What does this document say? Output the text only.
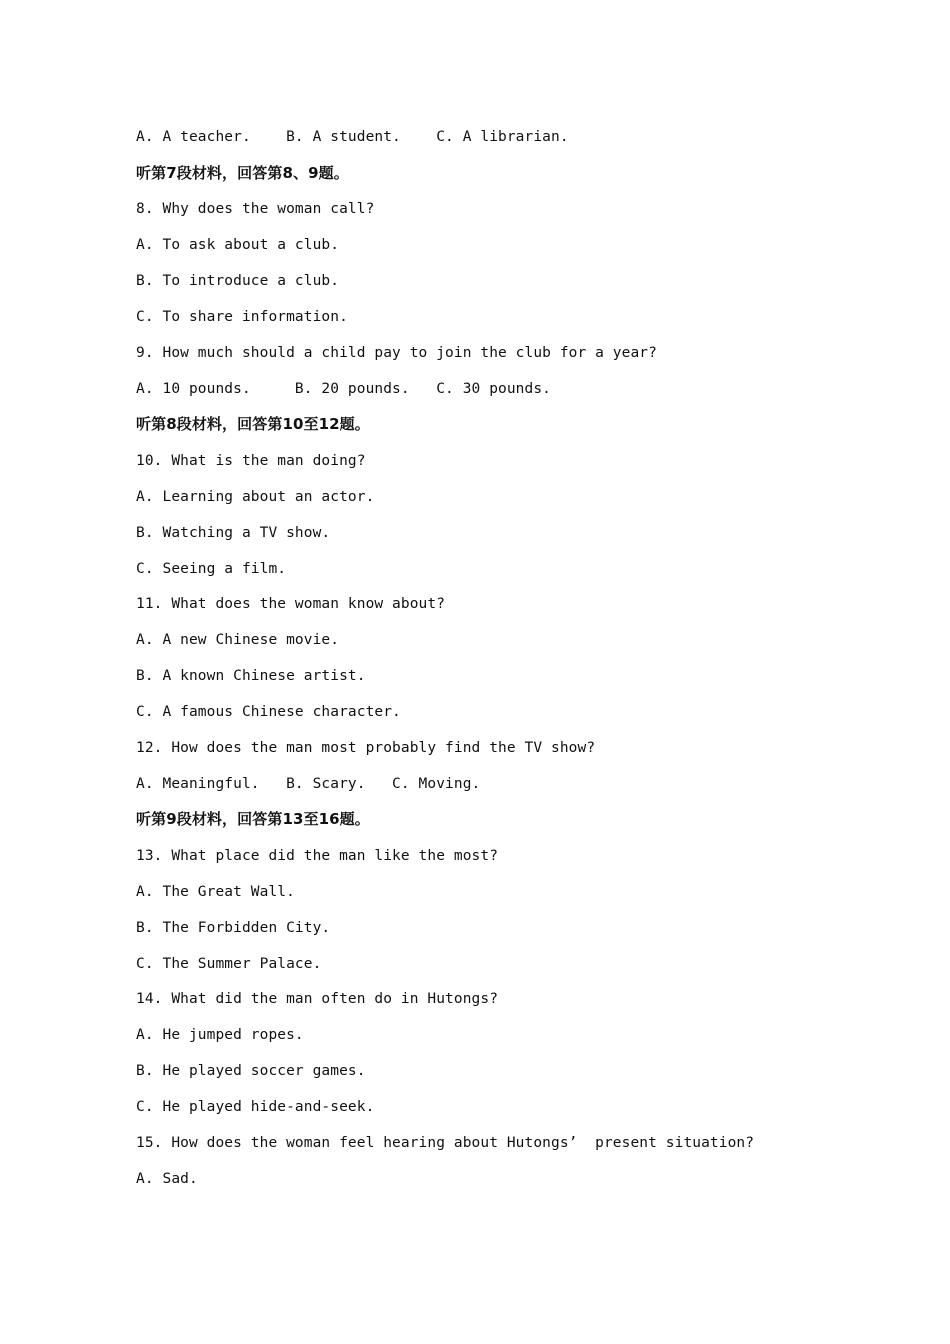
A. A teacher.    B. A student.    C. A librarian.
听第7段材料，回答第8、9题。
8. Why does the woman call?
A. To ask about a club.
B. To introduce a club.
C. To share information.
9. How much should a child pay to join the club for a year?
A. 10 pounds.     B. 20 pounds.   C. 30 pounds.
听第8段材料，回答第10至12题。
10. What is the man doing?
A. Learning about an actor.
B. Watching a TV show.
C. Seeing a film.
11. What does the woman know about?
A. A new Chinese movie.
B. A known Chinese artist.
C. A famous Chinese character.
12. How does the man most probably find the TV show?
A. Meaningful.   B. Scary.   C. Moving.
听第9段材料，回答第13至16题。
13. What place did the man like the most?
A. The Great Wall.
B. The Forbidden City.
C. The Summer Palace.
14. What did the man often do in Hutongs?
A. He jumped ropes.
B. He played soccer games.
C. He played hide-and-seek.
15. How does the woman feel hearing about Hutongs’  present situation?
A. Sad.
